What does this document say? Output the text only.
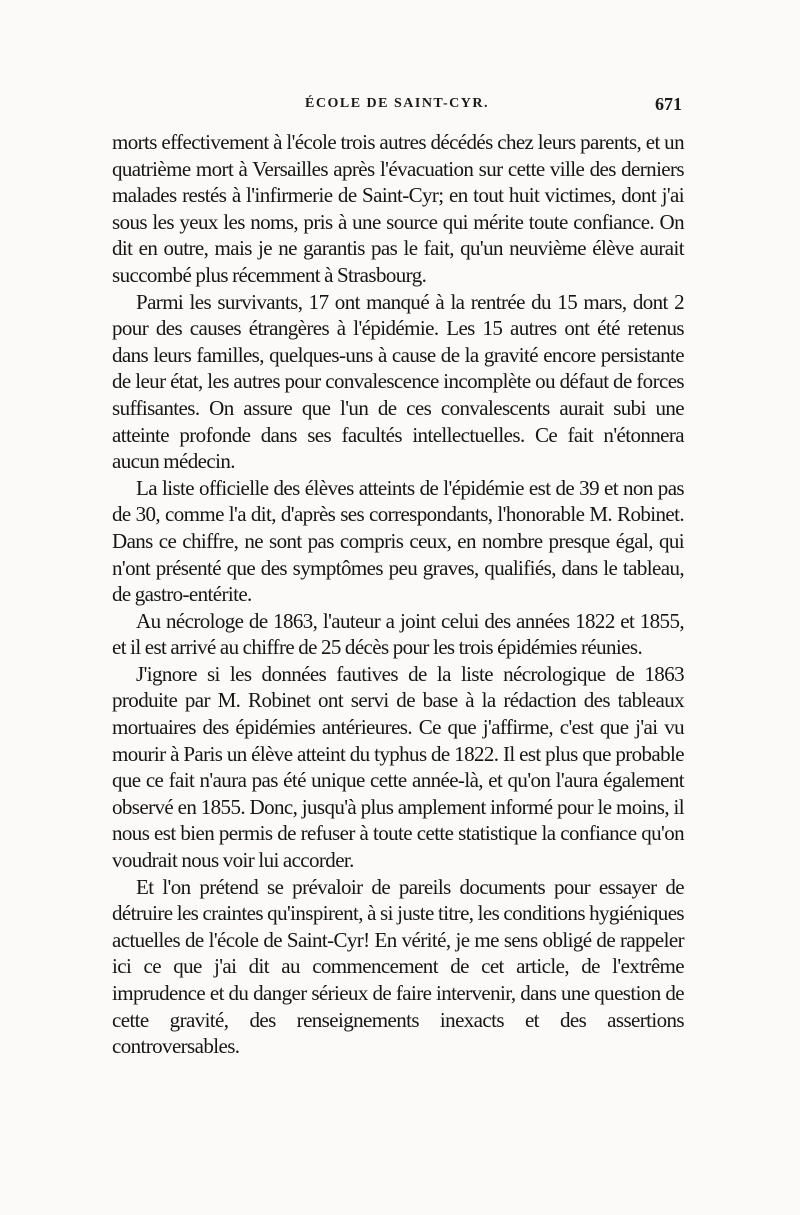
ÉCOLE DE SAINT-CYR.	671

morts effectivement à l'école trois autres décédés chez leurs parents, et un quatrième mort à Versailles après l'évacuation sur cette ville des derniers malades restés à l'infirmerie de Saint-Cyr; en tout huit victimes, dont j'ai sous les yeux les noms, pris à une source qui mérite toute confiance. On dit en outre, mais je ne garantis pas le fait, qu'un neuvième élève aurait succombé plus récemment à Strasbourg.

Parmi les survivants, 17 ont manqué à la rentrée du 15 mars, dont 2 pour des causes étrangères à l'épidémie. Les 15 autres ont été retenus dans leurs familles, quelques-uns à cause de la gravité encore persistante de leur état, les autres pour convalescence incomplète ou défaut de forces suffisantes. On assure que l'un de ces convalescents aurait subi une atteinte profonde dans ses facultés intellectuelles. Ce fait n'étonnera aucun médecin.

La liste officielle des élèves atteints de l'épidémie est de 39 et non pas de 30, comme l'a dit, d'après ses correspondants, l'honorable M. Robinet. Dans ce chiffre, ne sont pas compris ceux, en nombre presque égal, qui n'ont présenté que des symptômes peu graves, qualifiés, dans le tableau, de gastro-entérite.

Au nécrologe de 1863, l'auteur a joint celui des années 1822 et 1855, et il est arrivé au chiffre de 25 décès pour les trois épidémies réunies.

J'ignore si les données fautives de la liste nécrologique de 1863 produite par M. Robinet ont servi de base à la rédaction des tableaux mortuaires des épidémies antérieures. Ce que j'affirme, c'est que j'ai vu mourir à Paris un élève atteint du typhus de 1822. Il est plus que probable que ce fait n'aura pas été unique cette année-là, et qu'on l'aura également observé en 1855. Donc, jusqu'à plus amplement informé pour le moins, il nous est bien permis de refuser à toute cette statistique la confiance qu'on voudrait nous voir lui accorder.

Et l'on prétend se prévaloir de pareils documents pour essayer de détruire les craintes qu'inspirent, à si juste titre, les conditions hygiéniques actuelles de l'école de Saint-Cyr! En vérité, je me sens obligé de rappeler ici ce que j'ai dit au commencement de cet article, de l'extrême imprudence et du danger sérieux de faire intervenir, dans une question de cette gravité, des renseignements inexacts et des assertions controversables.
